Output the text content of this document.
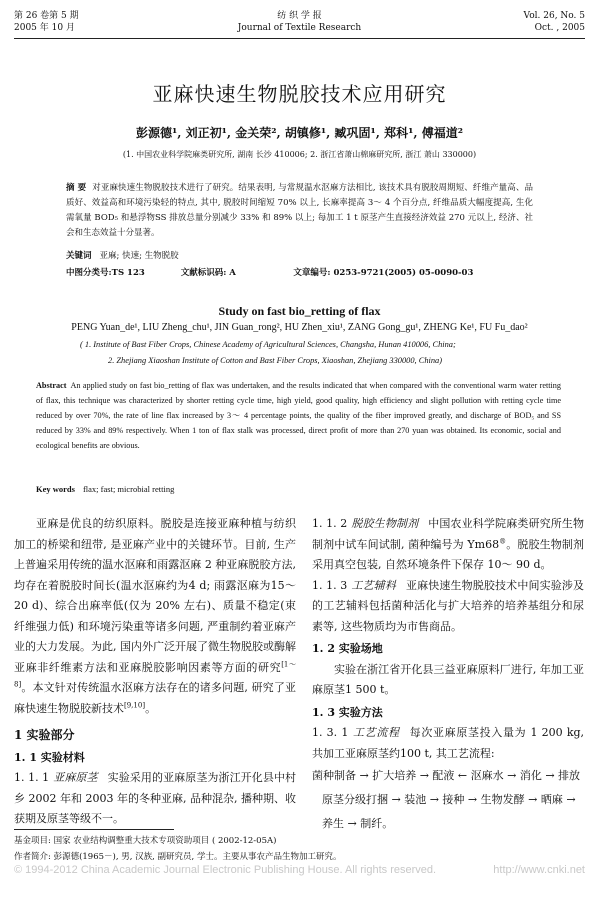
第 26 卷第 5 期
2005 年 10 月
纺 织 学 报
Journal of Textile Research
Vol. 26, No. 5
Oct. , 2005
亚麻快速生物脱胶技术应用研究
彭源德¹, 刘正初¹, 金关荣², 胡镇修¹, 臧巩固¹, 郑科¹, 傅福道²
(1. 中国农业科学院麻类研究所, 湖南 长沙 410006; 2. 浙江省萧山棉麻研究所, 浙江 萧山 330000)
摘 要 对亚麻快速生物脱胶技术进行了研究。结果表明, 与常规温水沤麻方法相比, 该技术具有脱胶周期短、纤维产量高、品质好、效益高和环境污染轻的特点, 其中, 脱胶时间缩短 70% 以上, 长麻率提高 3～ 4 个百分点, 纤维品质大幅度提高, 生化需氧量 BOD₅ 和悬浮物SS 排放总量分别减少 33% 和 89% 以上; 每加工 1 t 原茎产生直接经济效益 270 元以上, 经济、社会和生态效益十分显著。
关键词 亚麻; 快速; 生物脱胶
中图分类号:TS 123	文献标识码: A	文章编号: 0253-9721(2005) 05-0090-03
Study on fast bio_retting of flax
PENG Yuan_de¹, LIU Zheng_chu¹, JIN Guan_rong², HU Zhen_xiu¹, ZANG Gong_gu¹, ZHENG Ke¹, FU Fu_dao²
( 1. Institute of Bast Fiber Crops, Chinese Academy of Agricultural Sciences, Changsha, Hunan 410006, China;
2. Zhejiang Xiaoshan Institute of Cotton and Bast Fiber Crops, Xiaoshan, Zhejiang 330000, China)
Abstract An applied study on fast bio_retting of flax was undertaken, and the results indicated that when compared with the conventional warm water retting of flax, this technique was characterized by shorter retting cycle time, high yield, good quality, high efficiency and slight pollution with retting cycle time reduced by over 70%, the rate of line flax increased by 3～ 4 percentage points, the quality of the fiber improved greatly, and discharge of BOD₅ and SS reduced by 33% and 89% respectively. When 1 ton of flax stalk was processed, direct profit of more than 270 yuan was obtained. Its economic, social and ecological benefits are obvious.
Key words flax; fast; microbial retting

亚麻是优良的纺织原料。脱胶是连接亚麻种植与纺织加工的桥梁和纽带, 是亚麻产业中的关键环节。目前, 生产上普遍采用传统的温水沤麻和雨露沤麻 2 种亚麻脱胶方法, 均存在着脱胶时间长(温水沤麻约为4 d; 雨露沤麻为15～ 20 d)、综合出麻率低(仅为 20% 左右)、质量不稳定(束纤维强力低) 和环境污染重等诸多问题, 严重制约着亚麻产业的大力发展。为此, 国内外广泛开展了微生物脱胶或酶解亚麻非纤维素方法和亚麻脱胶影响因素等方面的研究[1～8]。本文针对传统温水沤麻方法存在的诸多问题, 研究了亚麻快速生物脱胶新技术[9,10]。

1 实验部分
1. 1 实验材料

1. 1. 1 亚麻原茎 实验采用的亚麻原茎为浙江开化县中村乡 2002 年和 2003 年的冬种亚麻, 品种混杂, 播种期、收获期及原茎等级不一。

1. 1. 2 脱胶生物制剂 中国农业科学院麻类研究所生物制剂中试车间试制, 菌种编号为 Ym68®。脱胶生物制剂采用真空包装, 自然环境条件下保存 10～ 90 d。

1. 1. 3 工艺辅料 亚麻快速生物脱胶技术中间实验涉及的工艺辅料包括菌种活化与扩大培养的培养基组分和尿素等, 这些物质均为市售商品。

1. 2 实验场地

实验在浙江省开化县三益亚麻原料厂进行, 年加工亚麻原茎1 500 t。

1. 3 实验方法

1. 3. 1 工艺流程 每次亚麻原茎投入量为 1 200 kg, 共加工亚麻原茎约100 t, 其工艺流程:

菌种制备 → 扩大培养 → 配液 ← 沤麻水 → 消化 → 排放
原茎分级打捆 → 装池 → 接种 → 生物发酵 → 晒麻 →
养生 → 制纤。
基金项目: 国家 农业结构调整重大技术专项资助项目 ( 2002-12-05A)
作者简介: 彭源德(1965－), 男, 汉族, 副研究员, 学士。主要从事农产品生物加工研究。
© 1994-2012 China Academic Journal Electronic Publishing House. All rights reserved.	http://www.cnki.net
